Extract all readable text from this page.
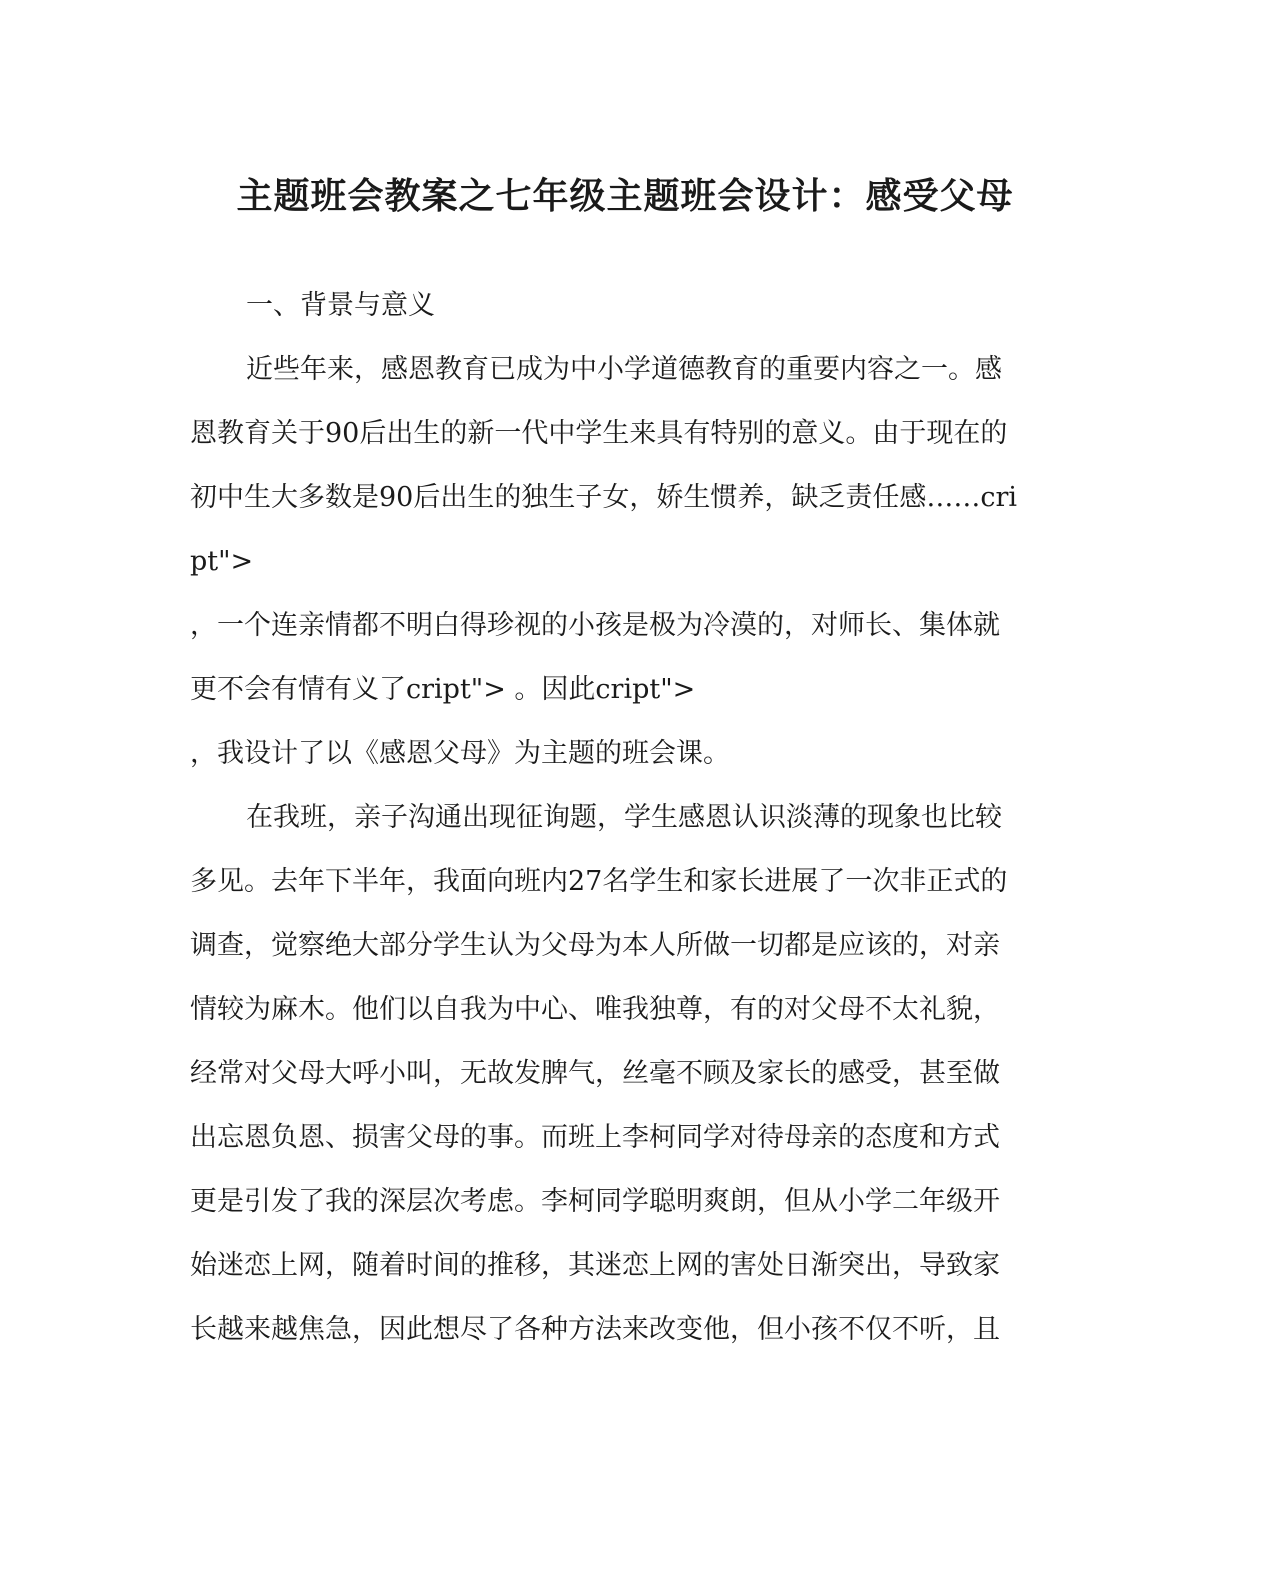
主题班会教案之七年级主题班会设计：感受父母

一、背景与意义

近些年来，感恩教育已成为中小学道德教育的重要内容之一。感

恩教育关于90后出生的新一代中学生来具有特别的意义。由于现在的

初中生大多数是90后出生的独生子女，娇生惯养，缺乏责任感……cri

pt">

，一个连亲情都不明白得珍视的小孩是极为冷漠的，对师长、集体就

更不会有情有义了cript"> 。因此cript">

，我设计了以《感恩父母》为主题的班会课。

在我班，亲子沟通出现征询题，学生感恩认识淡薄的现象也比较

多见。去年下半年，我面向班内27名学生和家长进展了一次非正式的

调查，觉察绝大部分学生认为父母为本人所做一切都是应该的，对亲

情较为麻木。他们以自我为中心、唯我独尊，有的对父母不太礼貌，

经常对父母大呼小叫，无故发脾气，丝毫不顾及家长的感受，甚至做

出忘恩负恩、损害父母的事。而班上李柯同学对待母亲的态度和方式

更是引发了我的深层次考虑。李柯同学聪明爽朗，但从小学二年级开

始迷恋上网，随着时间的推移，其迷恋上网的害处日渐突出，导致家

长越来越焦急，因此想尽了各种方法来改变他，但小孩不仅不听，且
